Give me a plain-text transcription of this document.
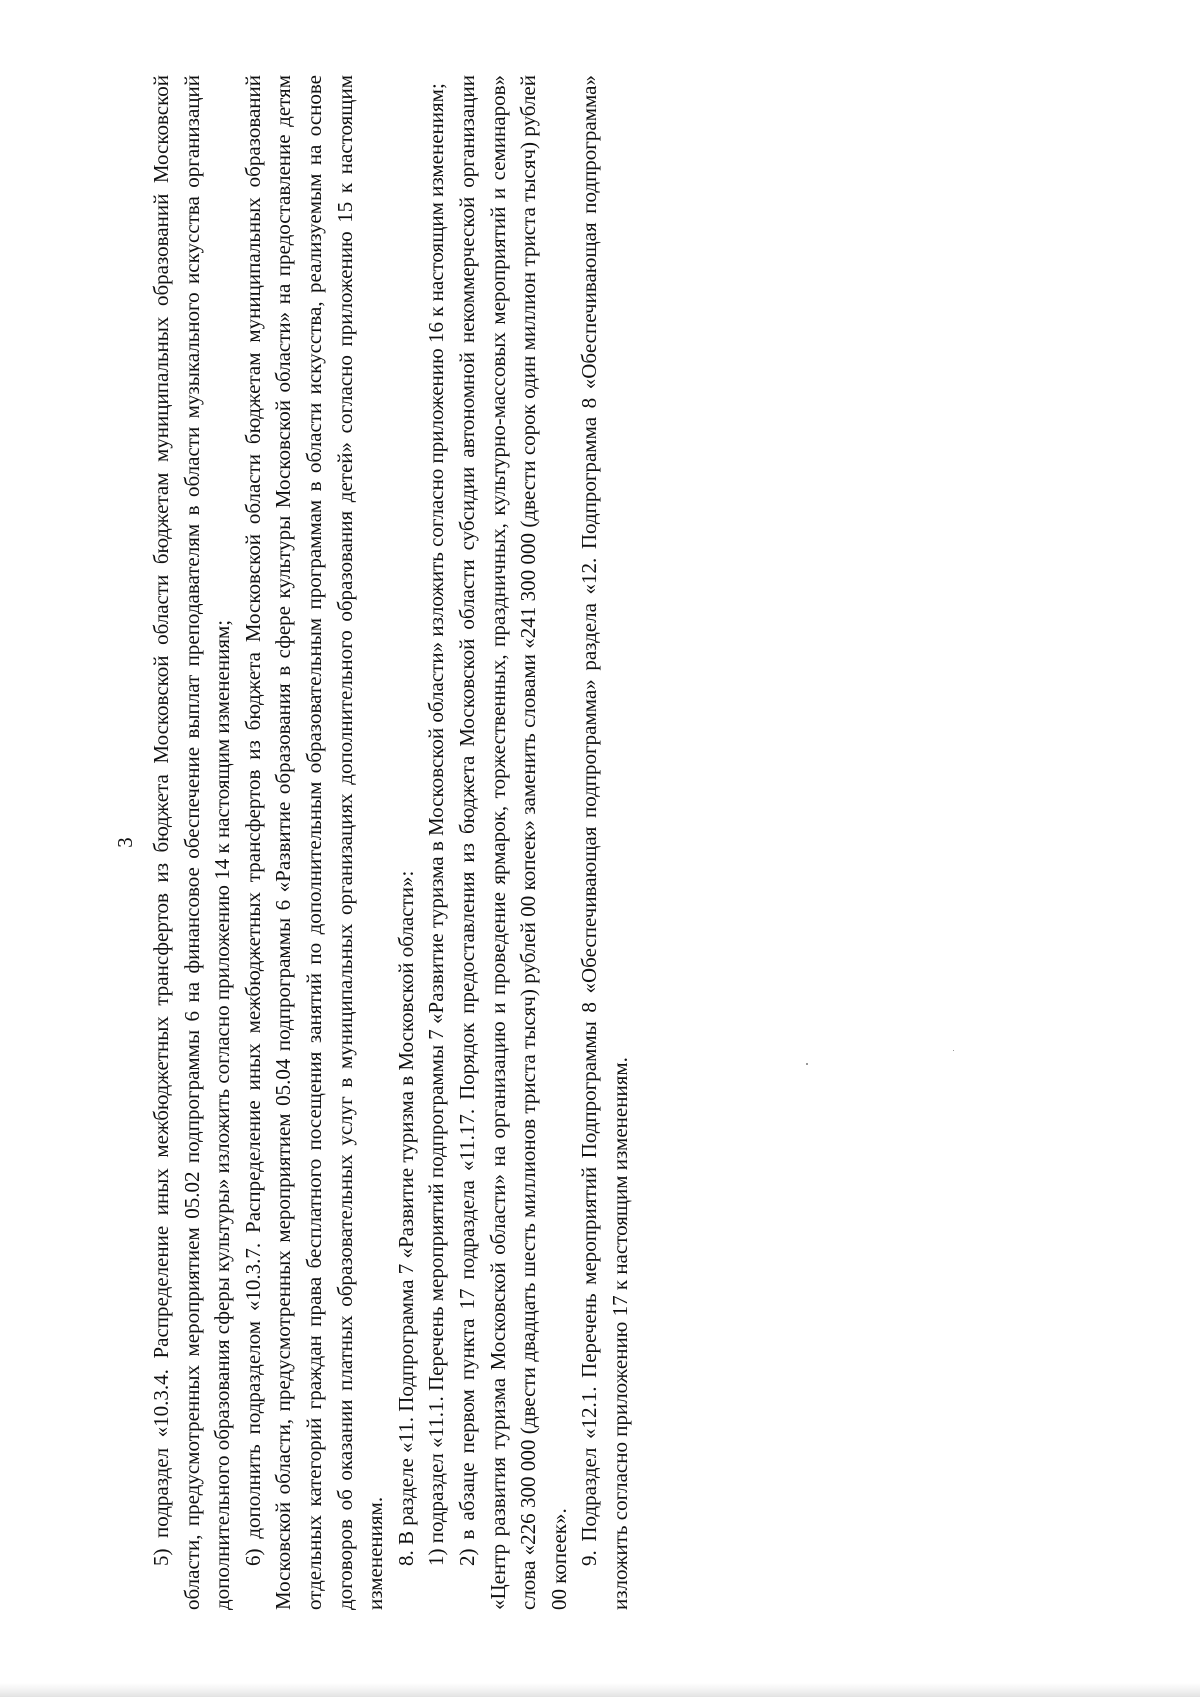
3 5) подраздел «10.3.4. Распределение иных межбюджетных трансфертов из бюджета Московской области бюджетам муниципальных образований Московской области, предусмотренных мероприятием 05.02 подпрограммы 6 на финансовое обеспечение выплат преподавателям в области музыкального искусства организаций дополнительного образования сферы культуры» изложить согласно приложению 14 к настоящим изменениям; 6) дополнить подразделом «10.3.7. Распределение иных межбюджетных трансфертов из бюджета Московской области бюджетам муниципальных образований Московской области, предусмотренных мероприятием 05.04 подпрограммы 6 «Развитие образования в сфере культуры Московской области» на предоставление детям отдельных категорий граждан права бесплатного посещения занятий по дополнительным образовательным программам в области искусства, реализуемым на основе договоров об оказании платных образовательных услуг в муниципальных организациях дополнительного образования детей» согласно приложению 15 к настоящим изменениям. 8. В разделе «11. Подпрограмма 7 «Развитие туризма в Московской области»: 1) подраздел «11.1. Перечень мероприятий подпрограммы 7 «Развитие туризма в Московской области» изложить согласно приложению 16 к настоящим изменениям; 2) в абзаце первом пункта 17 подраздела «11.17. Порядок предоставления из бюджета Московской области субсидии автономной некоммерческой организации «Центр развития туризма Московской области» на организацию и проведение ярмарок, торжественных, праздничных, культурно-массовых мероприятий и семинаров» слова «226 300 000 (двести двадцать шесть миллионов триста тысяч) рублей 00 копеек» заменить словами «241 300 000 (двести сорок один миллион триста тысяч) рублей 00 копеек». 9. Подраздел «12.1. Перечень мероприятий Подпрограммы 8 «Обеспечивающая подпрограмма» раздела «12. Подпрограмма 8 «Обеспечивающая подпрограмма» изложить согласно приложению 17 к настоящим изменениям.
